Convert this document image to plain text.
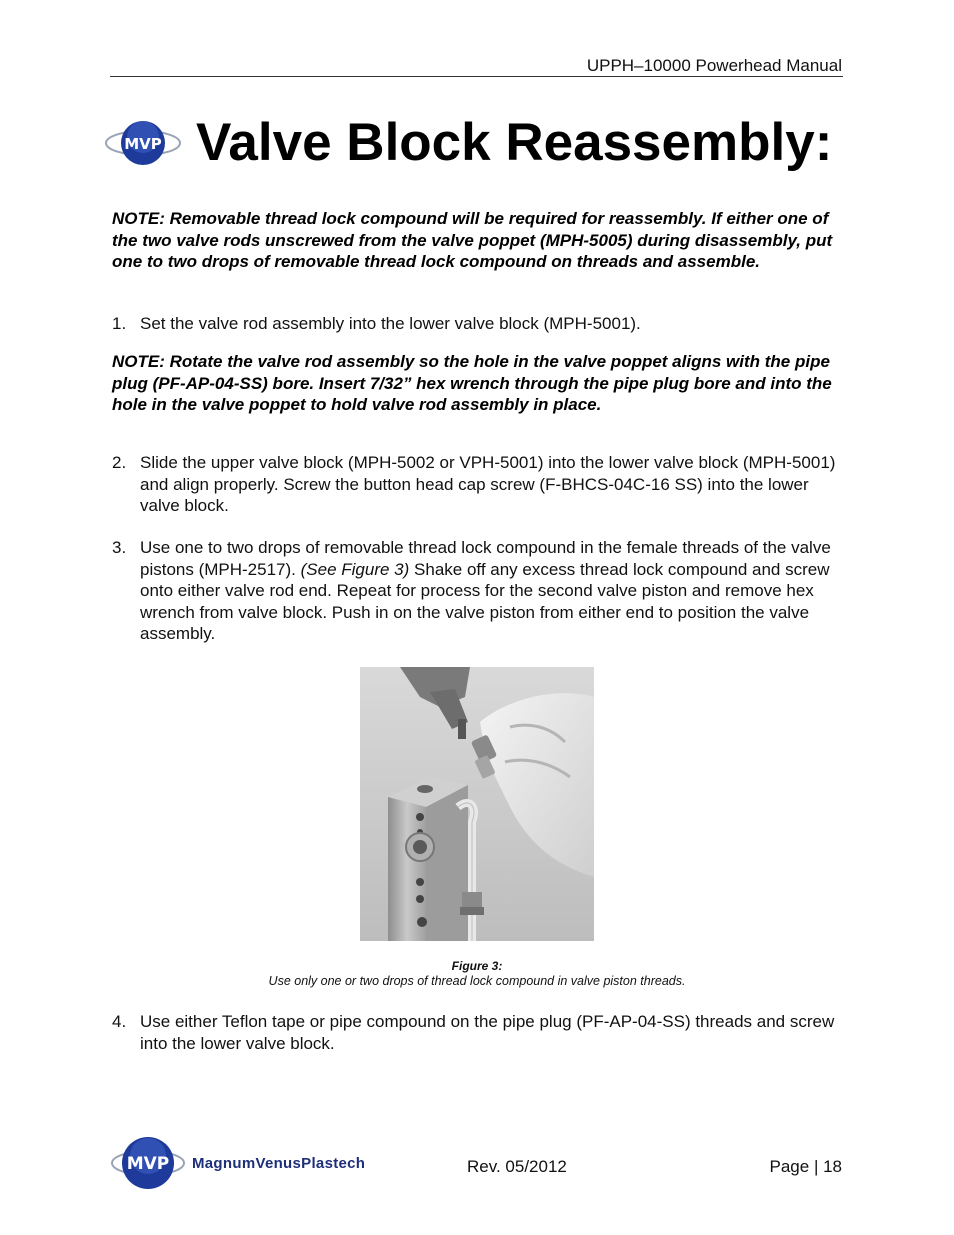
UPPH–10000 Powerhead Manual
MVP Valve Block Reassembly:
NOTE: Removable thread lock compound will be required for reassembly. If either one of the two valve rods unscrewed from the valve poppet (MPH-5005) during disassembly, put one to two drops of removable thread lock compound on threads and assemble.
1. Set the valve rod assembly into the lower valve block (MPH-5001).
NOTE: Rotate the valve rod assembly so the hole in the valve poppet aligns with the pipe plug (PF-AP-04-SS) bore. Insert 7/32” hex wrench through the pipe plug bore and into the hole in the valve poppet to hold valve rod assembly in place.
2. Slide the upper valve block (MPH-5002 or VPH-5001) into the lower valve block (MPH-5001) and align properly. Screw the button head cap screw (F-BHCS-04C-16 SS) into the lower valve block.
3. Use one to two drops of removable thread lock compound in the female threads of the valve pistons (MPH-2517). (See Figure 3) Shake off any excess thread lock compound and screw onto either valve rod end. Repeat for process for the second valve piston and remove hex wrench from valve block. Push in on the valve piston from either end to position the valve assembly.
Figure 3:
Use only one or two drops of thread lock compound in valve piston threads.
4. Use either Teflon tape or pipe compound on the pipe plug (PF-AP-04-SS) threads and screw into the lower valve block.
MVP MagnumVenusPlastech	Rev. 05/2012	Page | 18
